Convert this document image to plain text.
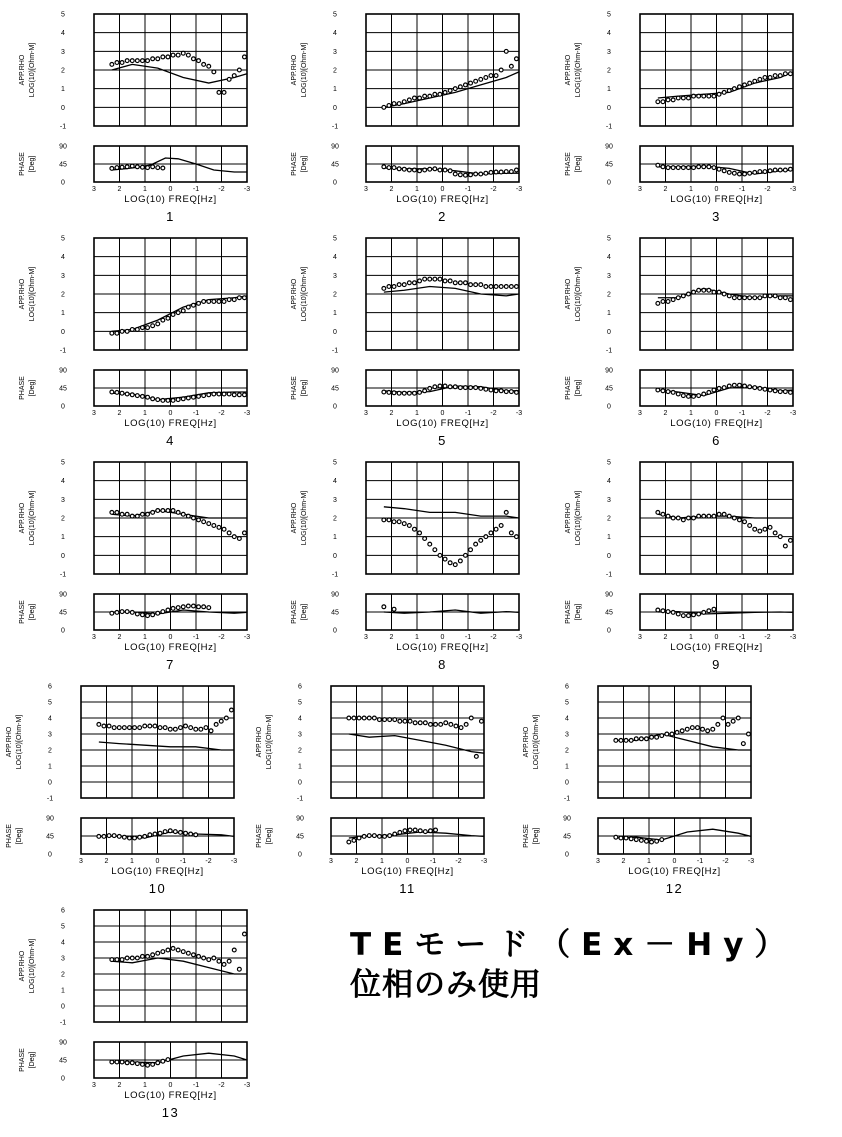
5
4
3
2
1
0
-1
APP.RHO LOG(10)[Ohm-M]
90
45
0
PHASE [Deg]
3	2	1	0	-1	-2	-3
LOG(10) FREQ[Hz]
1
5
4
3
2
1
0
-1
APP.RHO LOG(10)[Ohm-M]
90
45
0
PHASE [Deg]
3	2	1	0	-1	-2	-3
LOG(10) FREQ[Hz]
2
5
4
3
2
1
0
-1
APP.RHO LOG(10)[Ohm-M]
90
45
0
PHASE [Deg]
3	2	1	0	-1	-2	-3
LOG(10) FREQ[Hz]
3
5
4
3
2
1
0
-1
APP.RHO LOG(10)[Ohm-M]
90
45
0
PHASE [Deg]
3	2	1	0	-1	-2	-3
LOG(10) FREQ[Hz]
4
5
4
3
2
1
0
-1
APP.RHO LOG(10)[Ohm-M]
90
45
0
PHASE [Deg]
3	2	1	0	-1	-2	-3
LOG(10) FREQ[Hz]
5
5
4
3
2
1
0
-1
APP.RHO LOG(10)[Ohm-M]
90
45
0
PHASE [Deg]
3	2	1	0	-1	-2	-3
LOG(10) FREQ[Hz]
6
5
4
3
2
1
0
-1
APP.RHO LOG(10)[Ohm-M]
90
45
0
PHASE [Deg]
3	2	1	0	-1	-2	-3
LOG(10) FREQ[Hz]
7
5
4
3
2
1
0
-1
APP.RHO LOG(10)[Ohm-M]
90
45
0
PHASE [Deg]
3	2	1	0	-1	-2	-3
LOG(10) FREQ[Hz]
8
5
4
3
2
1
0
-1
APP.RHO LOG(10)[Ohm-M]
90
45
0
PHASE [Deg]
3	2	1	0	-1	-2	-3
LOG(10) FREQ[Hz]
9
6
5
4
3
2
1
0
-1
APP.RHO LOG(10)[Ohm-M]
90
45
0
PHASE [Deg]
3	2	1	0	-1	-2	-3
LOG(10) FREQ[Hz]
10
6
5
4
3
2
1
0
-1
APP.RHO LOG(10)[Ohm-M]
90
45
0
PHASE [Deg]
3	2	1	0	-1	-2	-3
LOG(10) FREQ[Hz]
11
6
5
4
3
2
1
0
-1
APP.RHO LOG(10)[Ohm-M]
90
45
0
PHASE [Deg]
3	2	1	0	-1	-2	-3
LOG(10) FREQ[Hz]
12
6
5
4
3
2
1
0
-1
APP.RHO LOG(10)[Ohm-M]
90
45
0
PHASE [Deg]
3	2	1	0	-1	-2	-3
LOG(10) FREQ[Hz]
13
TEモード（Ex－Hy）
位相のみ使用
